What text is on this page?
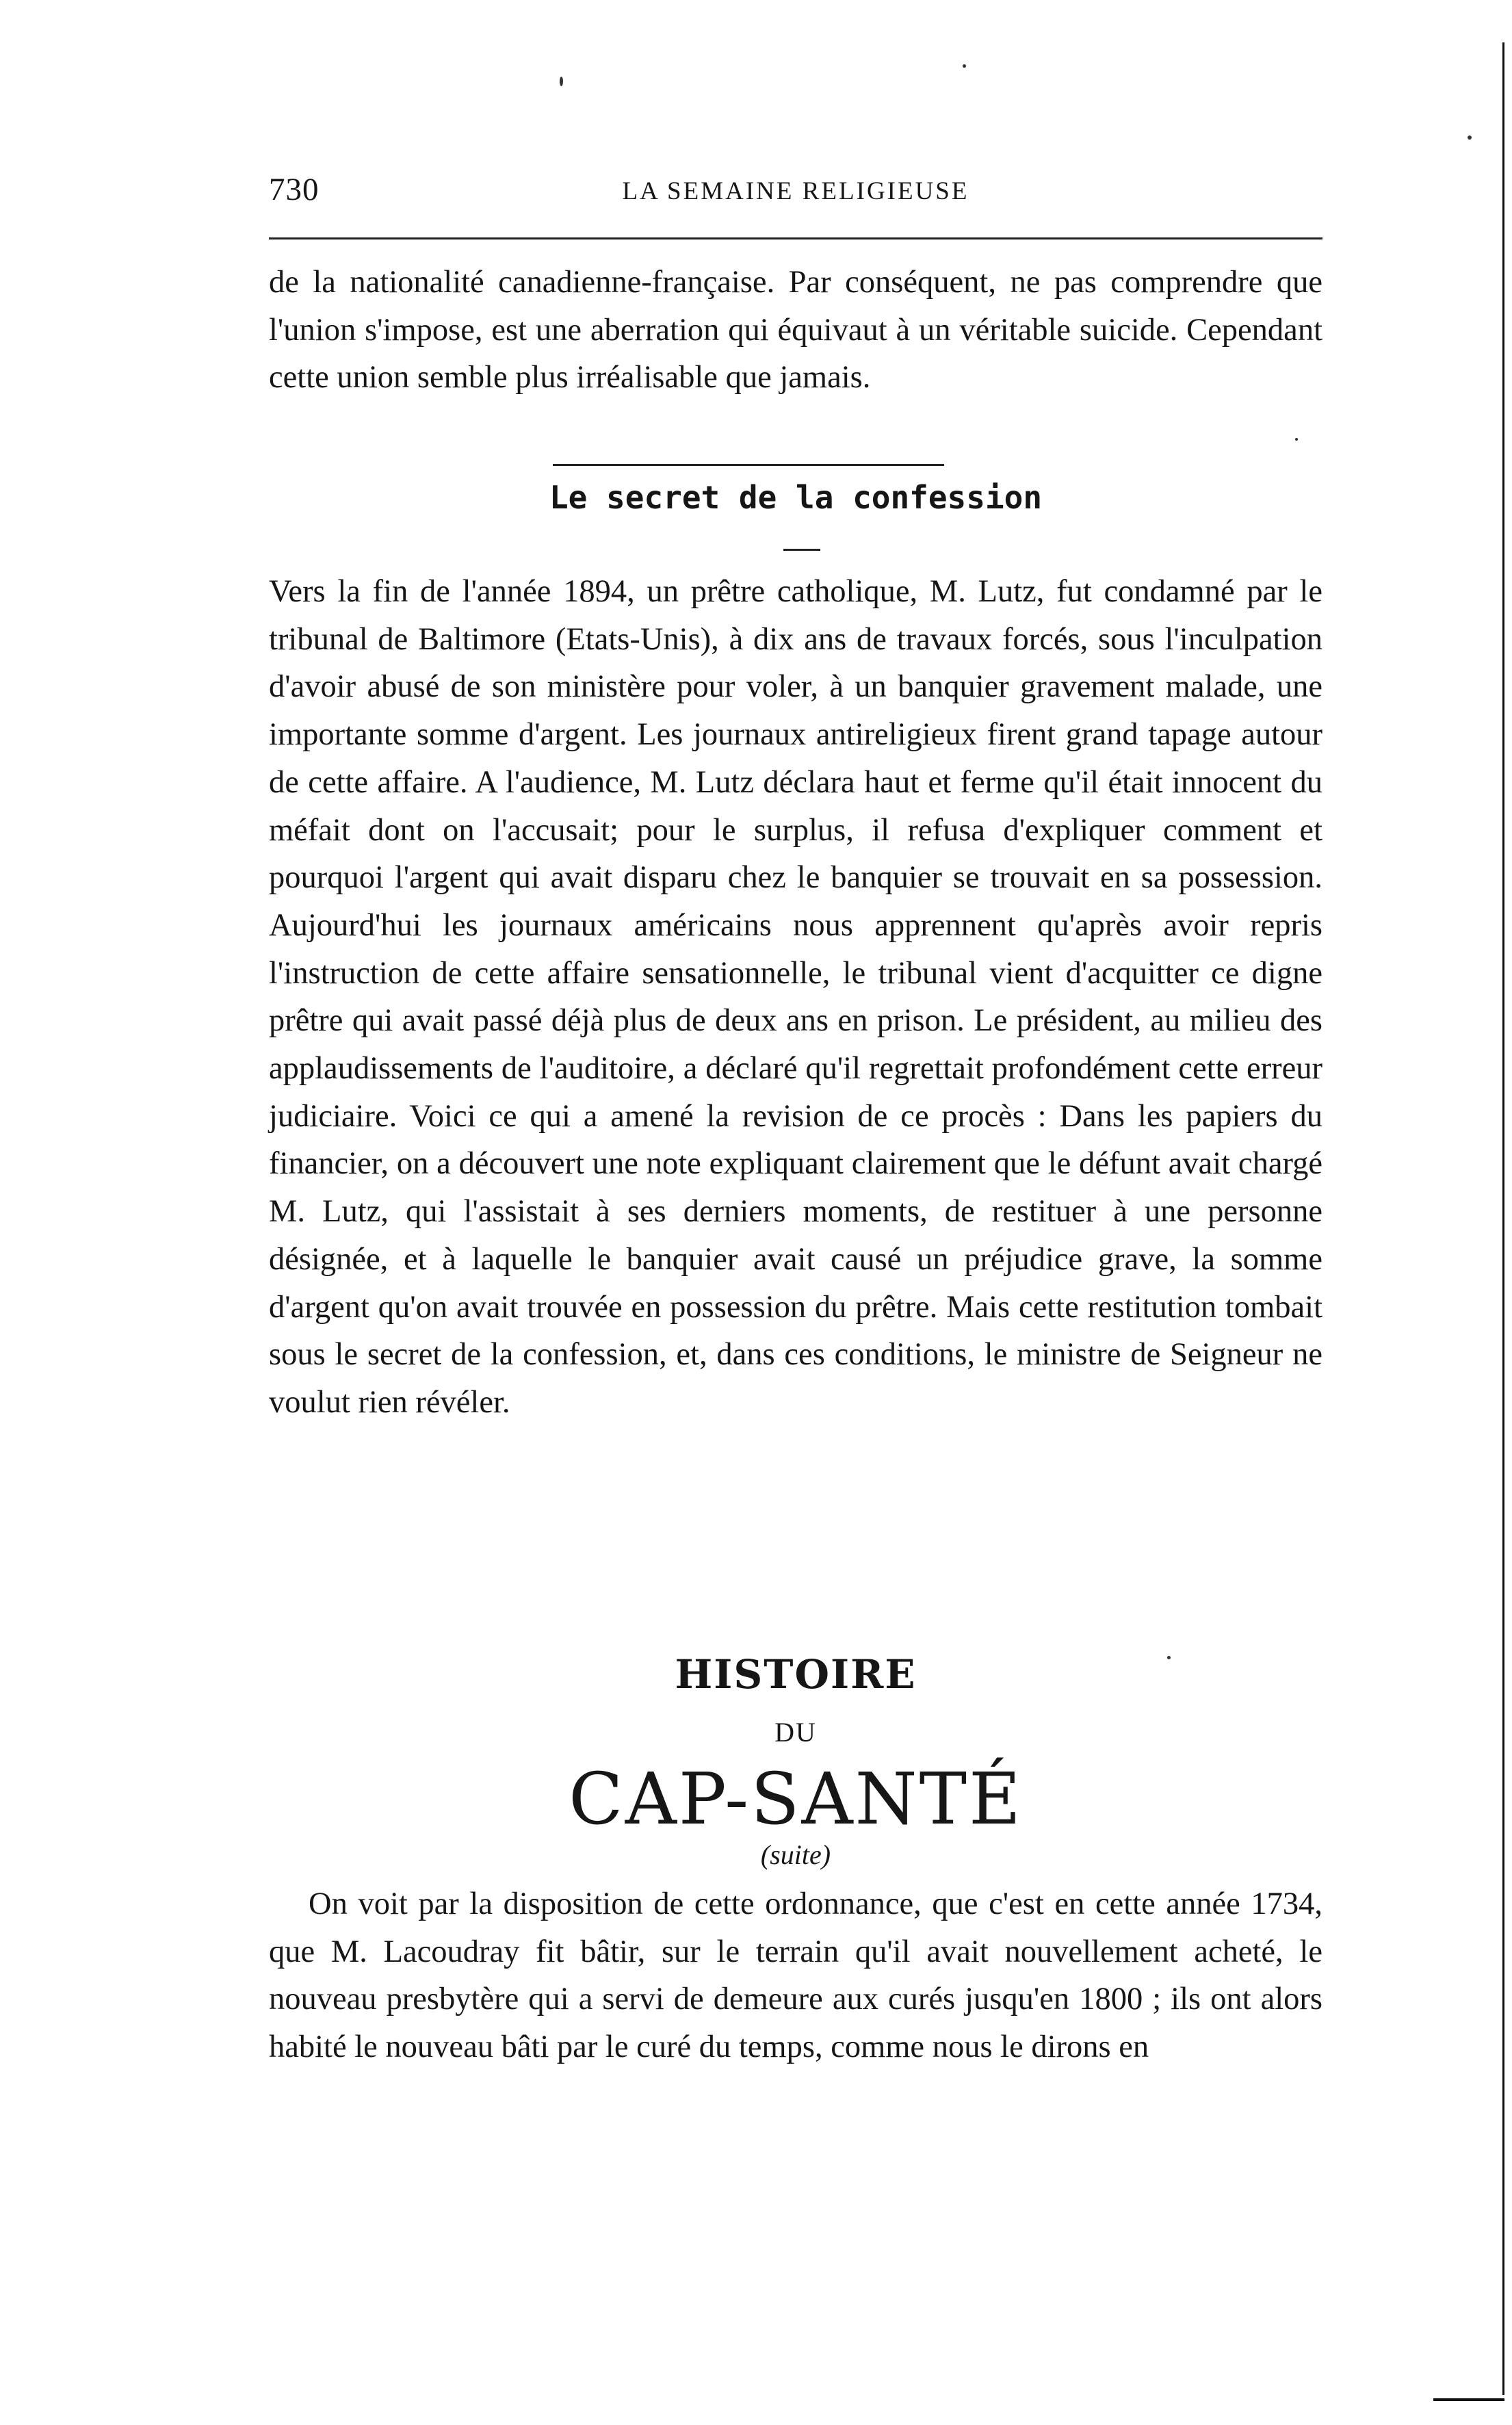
730	LA SEMAINE RELIGIEUSE

de la nationalité canadienne-française. Par conséquent, ne pas comprendre que l'union s'impose, est une aberration qui équivaut à un véritable suicide. Cependant cette union semble plus irréalisable que jamais.

Le secret de la confession

Vers la fin de l'année 1894, un prêtre catholique, M. Lutz, fut condamné par le tribunal de Baltimore (Etats-Unis), à dix ans de travaux forcés, sous l'inculpation d'avoir abusé de son ministère pour voler, à un banquier gravement malade, une importante somme d'argent. Les journaux antireligieux firent grand tapage autour de cette affaire. A l'audience, M. Lutz déclara haut et ferme qu'il était innocent du méfait dont on l'accusait; pour le surplus, il refusa d'expliquer comment et pourquoi l'argent qui avait disparu chez le banquier se trouvait en sa possession. Aujourd'hui les journaux américains nous apprennent qu'après avoir repris l'instruction de cette affaire sensationnelle, le tribunal vient d'acquitter ce digne prêtre qui avait passé déjà plus de deux ans en prison. Le président, au milieu des applaudissements de l'auditoire, a déclaré qu'il regrettait profondément cette erreur judiciaire. Voici ce qui a amené la revision de ce procès : Dans les papiers du financier, on a découvert une note expliquant clairement que le défunt avait chargé M. Lutz, qui l'assistait à ses derniers moments, de restituer à une personne désignée, et à laquelle le banquier avait causé un préjudice grave, la somme d'argent qu'on avait trouvée en possession du prêtre. Mais cette restitution tombait sous le secret de la confession, et, dans ces conditions, le ministre de Seigneur ne voulut rien révéler.

HISTOIRE
DU
CAP-SANTÉ
(suite)

On voit par la disposition de cette ordonnance, que c'est en cette année 1734, que M. Lacoudray fit bâtir, sur le terrain qu'il avait nouvellement acheté, le nouveau presbytère qui a servi de demeure aux curés jusqu'en 1800 ; ils ont alors habité le nouveau bâti par le curé du temps, comme nous le dirons en
